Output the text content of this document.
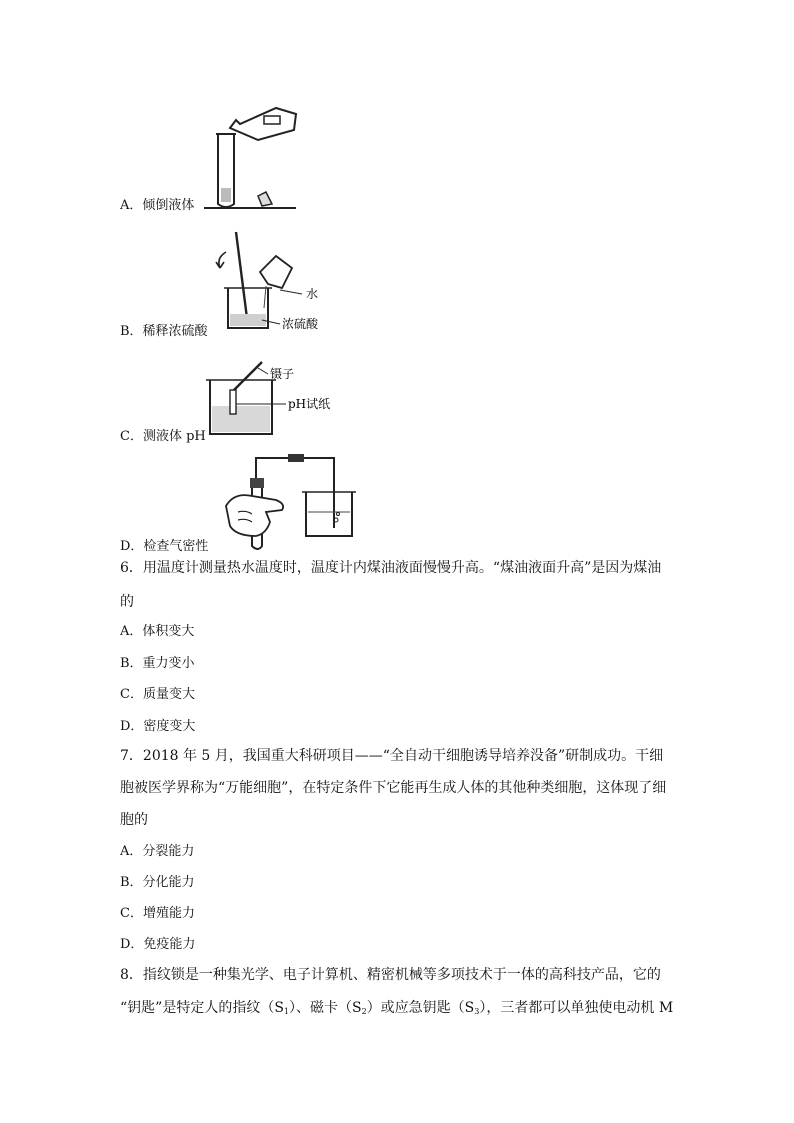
A．倾倒液体
水
浓硫酸
B．稀释浓硫酸
镊子
pH试纸
C．测液体 pH
D．检查气密性
6．用温度计测量热水温度时，温度计内煤油液面慢慢升高。“煤油液面升高”是因为煤油
的
A．体积变大
B．重力变小
C．质量变大
D．密度变大
7．2018 年 5 月，我国重大科研项目——“全自动干细胞诱导培养没备”研制成功。干细
胞被医学界称为“万能细胞”，在特定条件下它能再生成人体的其他种类细胞，这体现了细
胞的
A．分裂能力
B．分化能力
C．增殖能力
D．免疫能力
8．指纹锁是一种集光学、电子计算机、精密机械等多项技术于一体的高科技产品，它的
“钥匙”是特定人的指纹$(S_1)$、磁卡$(S_2)$或应急钥匙$(S_3)$，三者都可以单独使电动机 M
